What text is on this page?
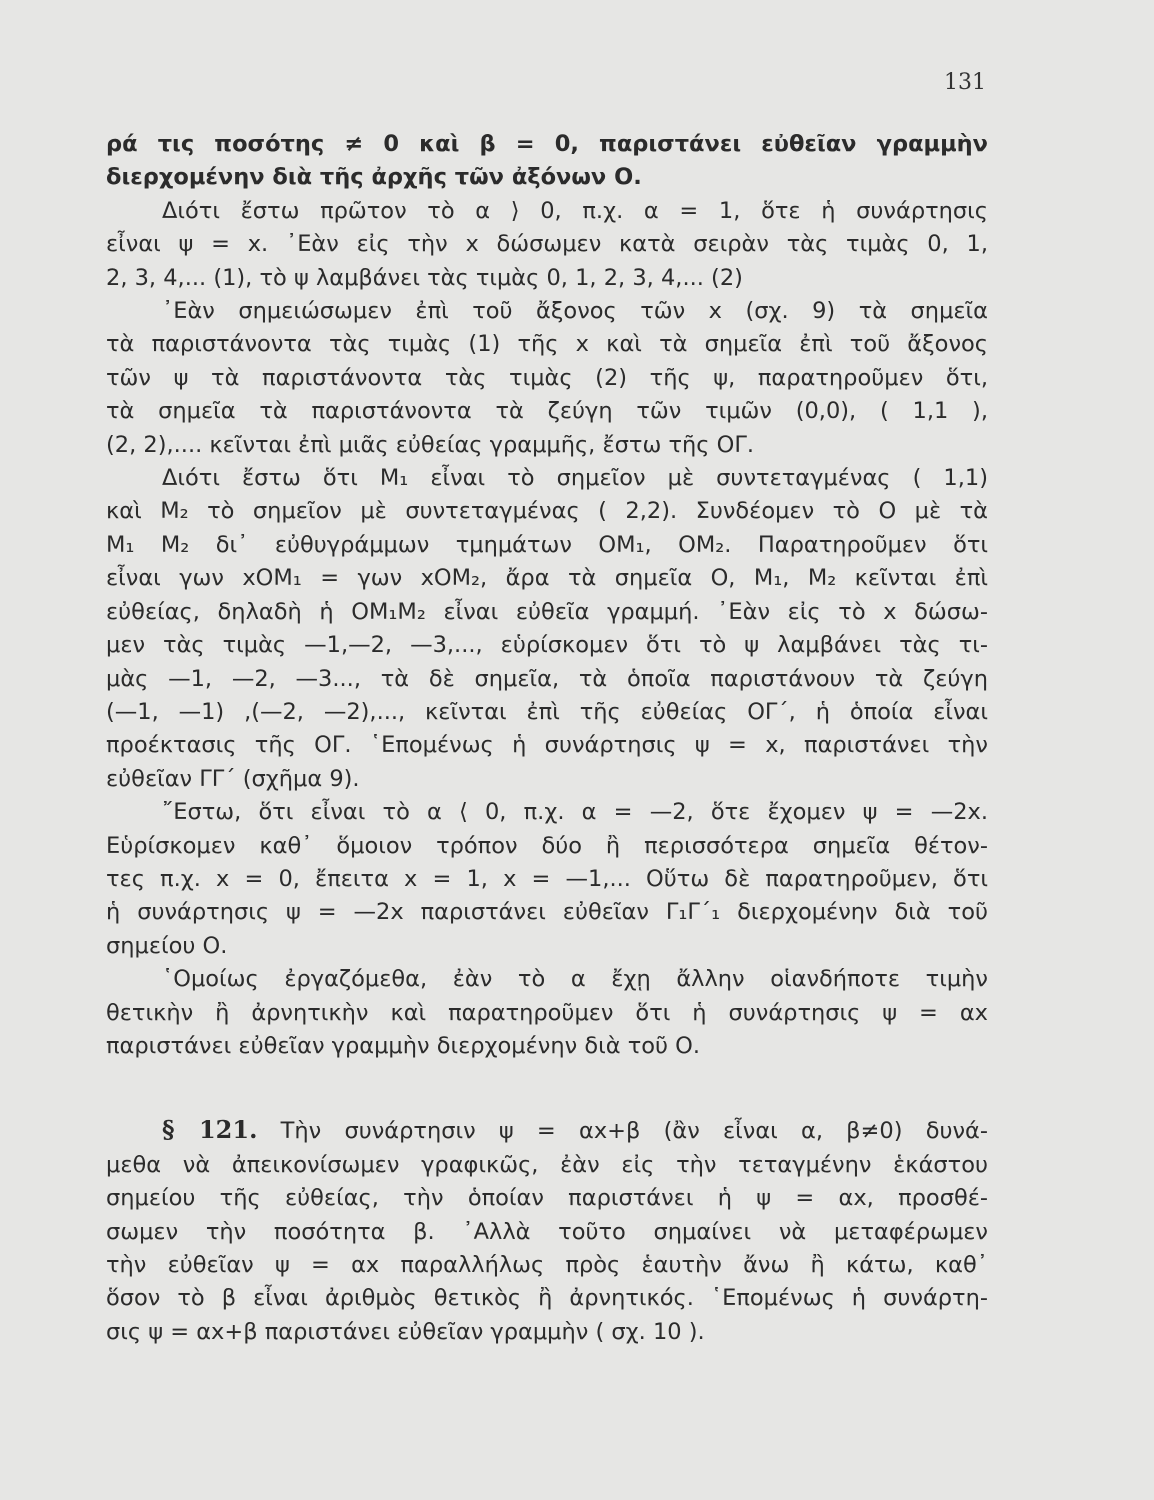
131
ρά τις ποσότης ≠ 0 καὶ β = 0, παριστάνει εὐθεῖαν γραμμὴν
διερχομένην διὰ τῆς ἀρχῆς τῶν ἀξόνων Ο.
Διότι ἔστω πρῶτον τὸ α ⟩ 0, π.χ. α = 1, ὅτε ἡ συνάρτησις
εἶναι ψ = x. ᾿Εὰν εἰς τὴν x δώσωμεν κατὰ σειρὰν τὰς τιμὰς 0, 1,
2, 3, 4,... (1), τὸ ψ λαμβάνει τὰς τιμὰς 0, 1, 2, 3, 4,... (2)
᾿Εὰν σημειώσωμεν ἐπὶ τοῦ ἄξονος τῶν x (σχ. 9) τὰ σημεῖα
τὰ παριστάνοντα τὰς τιμὰς (1) τῆς x καὶ τὰ σημεῖα ἐπὶ τοῦ ἄξονος
τῶν ψ τὰ παριστάνοντα τὰς τιμὰς (2) τῆς ψ, παρατηροῦμεν ὅτι,
τὰ σημεῖα τὰ παριστάνοντα τὰ ζεύγη τῶν τιμῶν (0,0), ( 1,1 ),
(2, 2),.... κεῖνται ἐπὶ μιᾶς εὐθείας γραμμῆς, ἔστω τῆς ΟΓ.
Διότι ἔστω ὅτι Μ₁ εἶναι τὸ σημεῖον μὲ συντεταγμένας ( 1,1)
καὶ Μ₂ τὸ σημεῖον μὲ συντεταγμένας ( 2,2). Συνδέομεν τὸ Ο μὲ τὰ
Μ₁ Μ₂ δι᾿ εὐθυγράμμων τμημάτων ΟΜ₁, ΟΜ₂. Παρατηροῦμεν ὅτι
εἶναι γων xΟΜ₁ = γων xΟΜ₂, ἄρα τὰ σημεῖα Ο, Μ₁, Μ₂ κεῖνται ἐπὶ
εὐθείας, δηλαδὴ ἡ ΟΜ₁Μ₂ εἶναι εὐθεῖα γραμμή. ᾿Εὰν εἰς τὸ x δώσω-
μεν τὰς τιμὰς —1,—2, —3,..., εὑρίσκομεν ὅτι τὸ ψ λαμβάνει τὰς τι-
μὰς —1, —2, —3..., τὰ δὲ σημεῖα, τὰ ὁποῖα παριστάνουν τὰ ζεύγη
(—1, —1) ,(—2, —2),..., κεῖνται ἐπὶ τῆς εὐθείας ΟΓ΄, ἡ ὁποία εἶναι
προέκτασις τῆς ΟΓ. ῾Επομένως ἡ συνάρτησις ψ = x, παριστάνει τὴν
εὐθεῖαν ΓΓ΄ (σχῆμα 9).
῎Εστω, ὅτι εἶναι τὸ α ⟨ 0, π.χ. α = —2, ὅτε ἔχομεν ψ = —2x.
Εὑρίσκομεν καθ᾿ ὅμοιον τρόπον δύο ἢ περισσότερα σημεῖα θέτον-
τες π.χ. x = 0, ἔπειτα x = 1, x = —1,... Οὕτω δὲ παρατηροῦμεν, ὅτι
ἡ συνάρτησις ψ = —2x παριστάνει εὐθεῖαν Γ₁Γ΄₁ διερχομένην διὰ τοῦ
σημείου Ο.
῾Ομοίως ἐργαζόμεθα, ἐὰν τὸ α ἔχῃ ἄλλην οἱανδήποτε τιμὴν
θετικὴν ἢ ἀρνητικὴν καὶ παρατηροῦμεν ὅτι ἡ συνάρτησις ψ = αx
παριστάνει εὐθεῖαν γραμμὴν διερχομένην διὰ τοῦ Ο.
§ 121. Τὴν συνάρτησιν ψ = αx+β (ἂν εἶναι α, β≠0) δυνά-
μεθα νὰ ἀπεικονίσωμεν γραφικῶς, ἐὰν εἰς τὴν τεταγμένην ἑκάστου
σημείου τῆς εὐθείας, τὴν ὁποίαν παριστάνει ἡ ψ = αx, προσθέ-
σωμεν τὴν ποσότητα β. ᾿Αλλὰ τοῦτο σημαίνει νὰ μεταφέρωμεν
τὴν εὐθεῖαν ψ = αx παραλλήλως πρὸς ἑαυτὴν ἄνω ἢ κάτω, καθ᾿
ὅσον τὸ β εἶναι ἀριθμὸς θετικὸς ἢ ἀρνητικός. ῾Επομένως ἡ συνάρτη-
σις ψ = αx+β παριστάνει εὐθεῖαν γραμμὴν ( σχ. 10 ).
